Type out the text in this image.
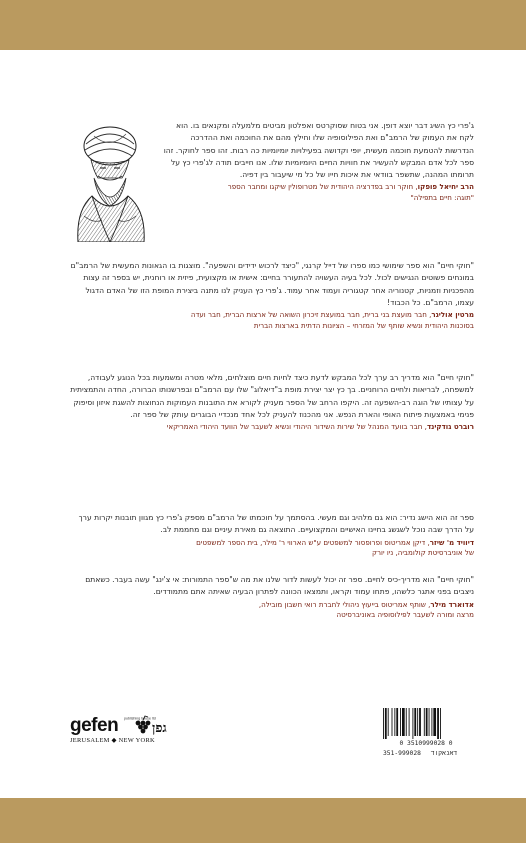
ג'פרי כץ השיג דבר יוצא דופן. אני בטוח שסוקרטס ואפלטון מביטים מלמעלה ומקנאים בו. הוא לקח את העמוק של הרמב"ם ואת הפילוסופיה שלו וחילץ מהם את החוכמה ואת ההדרכה הנדרשות להטמעת חוכמה מעשית, יופי וקדושה בפעילויות יומיומיות כה רבות. זהו ספר לחוקר. זהו ספר לכל אדם המבקש להעשיר את חוויות החיים היומיומיות שלו. אנו חייבים תודה לג'פרי כץ על תרומתו המהנה, שתשפר בוודאי את איכות חייו של כל מי שיעבור בין דפיה.

הרב יחיאל פופקו, חוקר ורב בפדרציה היהודית של מטרופולין שיקגו ומחבר הספר
"תוגה: חיים בתפילה"

"חוקי חיים" הוא ספר שימושי כמו ספרו של דייל קרנגי, "כיצד לרכוש ידידים והשפעה". מוצגות בו הגאונות המעשית של הרמב"ם במונחים פשוטים הנגישים לכול. לכל בעיה העשויה להתעורר בחיים: אישית או מקצועית, פיזית או רוחנית, יש בספר זה עצות מהפכניות וזמניות, קטנוריה אחר קטגוריה ועמוד אחר עמוד. ג'פרי כץ העניק לנו מתנה ביצירת המופת הזו של האדם הדגול עצמו, הרמב"ם. כל הכבוד!

מרטין אוליגר, חבר מועצת בני ברית, חבר במועצת זיכרון השואה של ארצות הברית, חבר ועדה
בסוכנות היהודית ונשיא שותף של המזרחי – הציונות הדתית בארצות הברית

"חוקי חיים" הוא מדריך רב ערך לכל המבקש לדעת כיצד לחיות חיים מוצלחים, מלאי מטרה ומשמעות בכל הנוגע לעבודה, למשפחה, לבריאות ולחיים הרוחניים. בך כץ יצר יצירת מופת ב"דיאלוג" שלו עם הרמב"ם ובפרשנותו הברורה, החדה והתמציתית על עצותיו של הוגה רב-השפעה זה. היקפו הרחב של הספר מעניק לקורא את התובנות העמוקות הנחוצות להשגת איזון וסיפוק פנימי באמצעות פיתוח האופי והארת הנפש. אני מהכנוז להעניק לכל אחד מנכדיי הבוגרים עותק של ספר זה.

רוברט גודקינד, חבר בוועד המנהל של שירות השידור היהודי ונשיא לשעבר של הוועד היהודי האמריקאי

ספר זה הוא הישג נדיר: הוא גם מלהיב וגם מעשי. בהסתמך על חוכמתו של הרמב"ם מספק ג'פרי כץ מגוון תובנות יקרות ערך על הדרך שבה נוכל לשגשג בחיינו האישיים והמקצועיים. התוצאה גם מאירת עיניים וגם מחממת לב.

דיוויד מ' שיזר, דיקן אמריטוס ופרופסור למשפטים ע"ש הארווי ר' מילר, בית הספר למשפטים
של אוניברסיטת קולומביה, ניו יורק

"חוקי חיים" הוא מדריך-כיס לחיים. ספר זה יכול לעשות לדור שלנו את מה ש"ספר התמורות: אי צ'ינג" עשה בעבר. כשאתם ניצבים בפני אתגר כלשהו, פתחו עמוד וקראו, ותמצאו הכוונה לפתרון הבעיה שאיתה אתם מתמודדים.

אדוארד מילר, שותף אמריטוס בייעוץ ניהולי לחברת רואי חשבון מובילה,
מרצה ומורה לשעבר לפילוסופיה באוניברסיטה

gefen publishing house ltd
גפן
JERUSALEM ◆ NEW YORK	0 3510999028 0
351-999028 דאנאקוד
